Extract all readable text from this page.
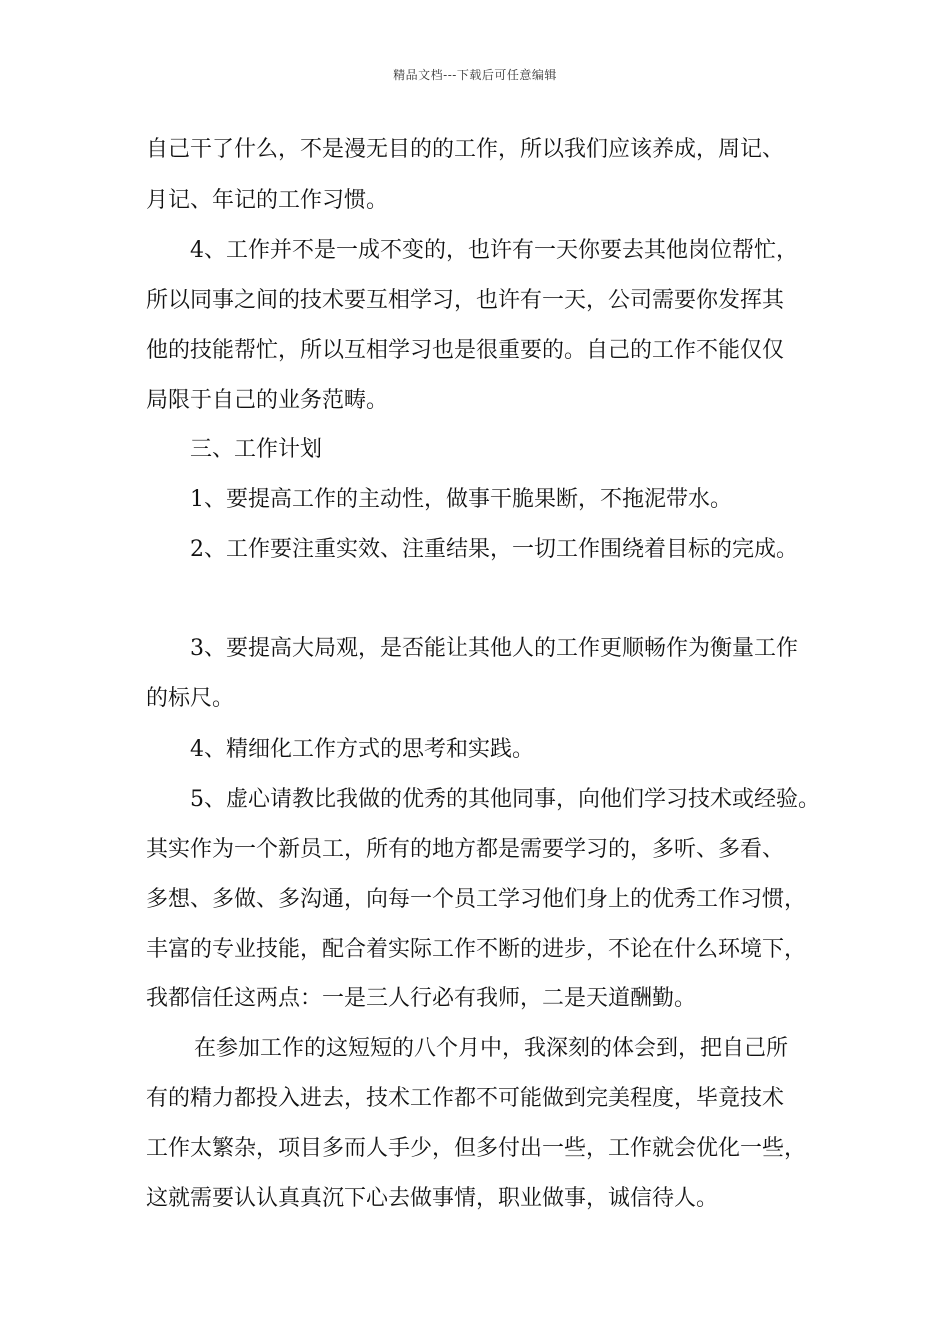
精品文档---下载后可任意编辑
自己干了什么，不是漫无目的的工作，所以我们应该养成，周记、
月记、年记的工作习惯。
4、工作并不是一成不变的，也许有一天你要去其他岗位帮忙，
所以同事之间的技术要互相学习，也许有一天，公司需要你发挥其
他的技能帮忙，所以互相学习也是很重要的。自己的工作不能仅仅
局限于自己的业务范畴。
三、工作计划
1、要提高工作的主动性，做事干脆果断，不拖泥带水。
2、工作要注重实效、注重结果，一切工作围绕着目标的完成。
3、要提高大局观，是否能让其他人的工作更顺畅作为衡量工作
的标尺。
4、精细化工作方式的思考和实践。
5、虚心请教比我做的优秀的其他同事，向他们学习技术或经验。
其实作为一个新员工，所有的地方都是需要学习的，多听、多看、
多想、多做、多沟通，向每一个员工学习他们身上的优秀工作习惯，
丰富的专业技能，配合着实际工作不断的进步，不论在什么环境下，
我都信任这两点：一是三人行必有我师，二是天道酬勤。
在参加工作的这短短的八个月中，我深刻的体会到，把自己所
有的精力都投入进去，技术工作都不可能做到完美程度，毕竟技术
工作太繁杂，项目多而人手少，但多付出一些，工作就会优化一些，
这就需要认认真真沉下心去做事情，职业做事，诚信待人。
